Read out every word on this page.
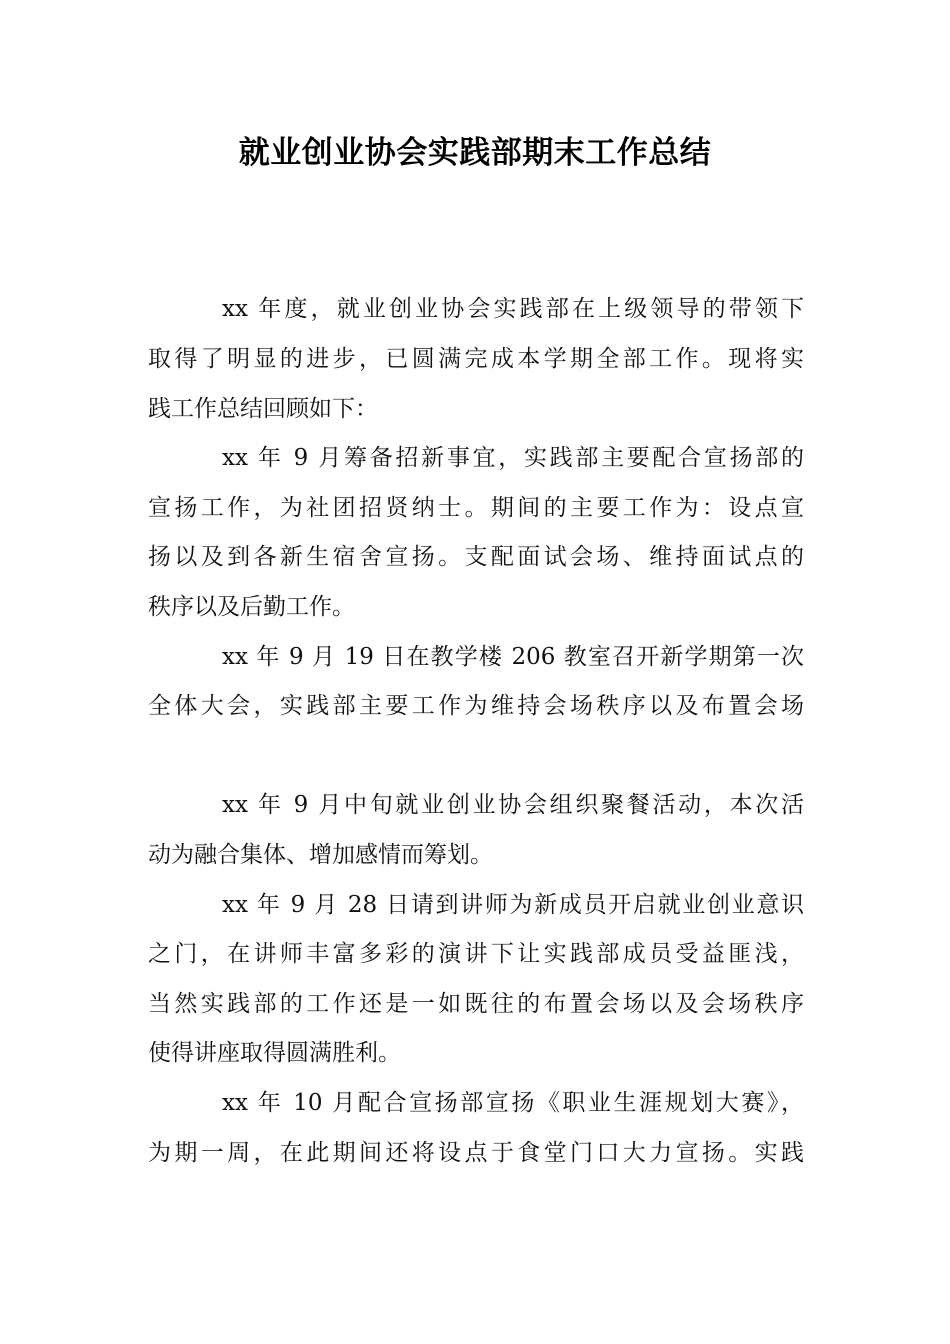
就业创业协会实践部期末工作总结
xx 年度，就业创业协会实践部在上级领导的带领下
取得了明显的进步，已圆满完成本学期全部工作。现将实
践工作总结回顾如下：
xx 年 9 月筹备招新事宜，实践部主要配合宣扬部的
宣扬工作，为社团招贤纳士。期间的主要工作为：设点宣
扬以及到各新生宿舍宣扬。支配面试会场、维持面试点的
秩序以及后勤工作。
xx 年 9 月 19 日在教学楼 206 教室召开新学期第一次
全体大会，实践部主要工作为维持会场秩序以及布置会场
xx 年 9 月中旬就业创业协会组织聚餐活动，本次活
动为融合集体、增加感情而筹划。
xx 年 9 月 28 日请到讲师为新成员开启就业创业意识
之门，在讲师丰富多彩的演讲下让实践部成员受益匪浅，
当然实践部的工作还是一如既往的布置会场以及会场秩序
使得讲座取得圆满胜利。
xx 年 10 月配合宣扬部宣扬《职业生涯规划大赛》，
为期一周，在此期间还将设点于食堂门口大力宣扬。实践
